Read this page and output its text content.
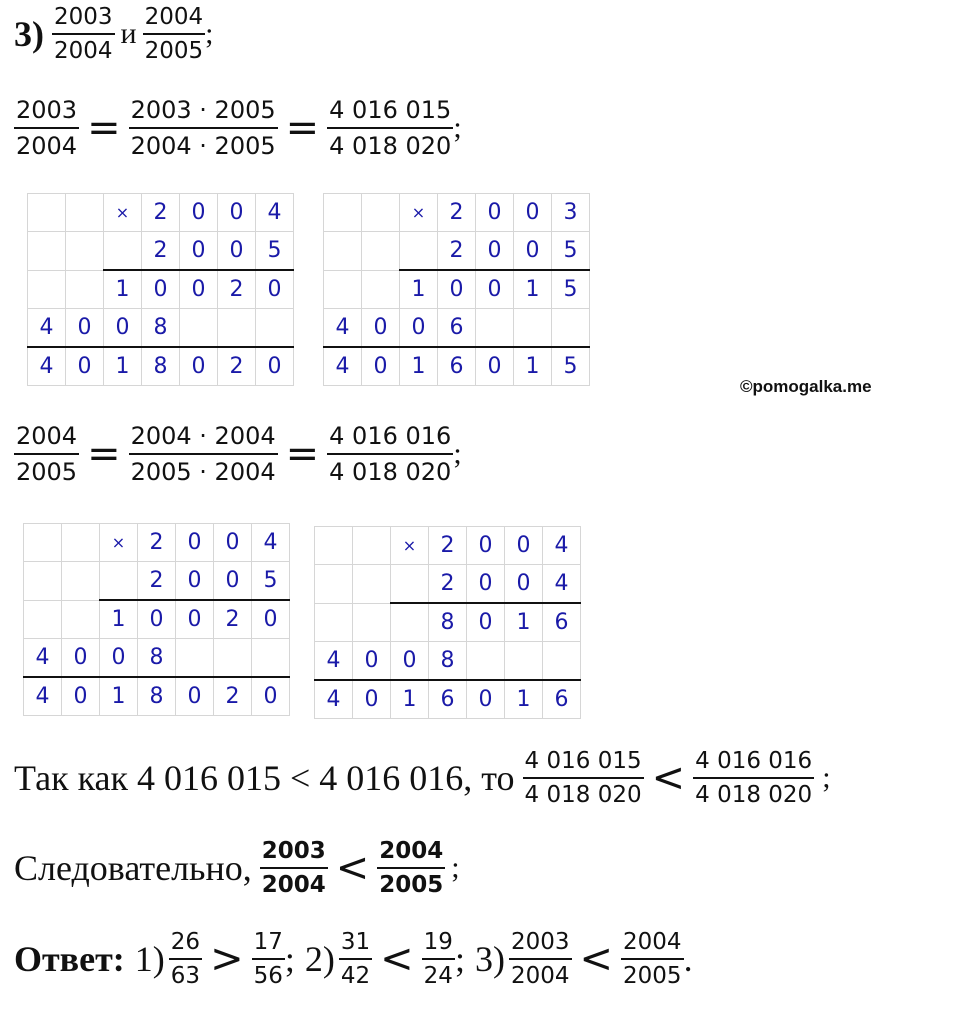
$3) \frac{2003}{2004}$ и $\frac{2004}{2005}$ ;
$\frac{2003}{2004} = \frac{2003 \cdot 2005}{2004 \cdot 2005} = \frac{4 016 015}{4 018 020}$ ;
		×	2	0	0	4
			2	0	0	5
		1	0	0	2	0
4	0	0	8			
4	0	1	8	0	2	0
		×	2	0	0	3
			2	0	0	5
		1	0	0	1	5
4	0	0	6			
4	0	1	6	0	1	5
©pomogalka.me
$\frac{2004}{2005} = \frac{2004 \cdot 2004}{2005 \cdot 2004} = \frac{4 016 016}{4 018 020}$ ;
		×	2	0	0	4
			2	0	0	5
		1	0	0	2	0
4	0	0	8			
4	0	1	8	0	2	0
		×	2	0	0	4
			2	0	0	4
			8	0	1	6
4	0	0	8			
4	0	1	6	0	1	6
Так как 4 016 015 < 4 016 016, то $\frac{4 016 015}{4 018 020} < \frac{4 016 016}{4 018 020}$ ;
Следовательно, $\frac{2003}{2004} < \frac{2004}{2005}$ ;
Ответ: $1) \frac{26}{63} > \frac{17}{56}$ ; $2) \frac{31}{42} < \frac{19}{24}$ ; $3) \frac{2003}{2004} < \frac{2004}{2005}$ .
